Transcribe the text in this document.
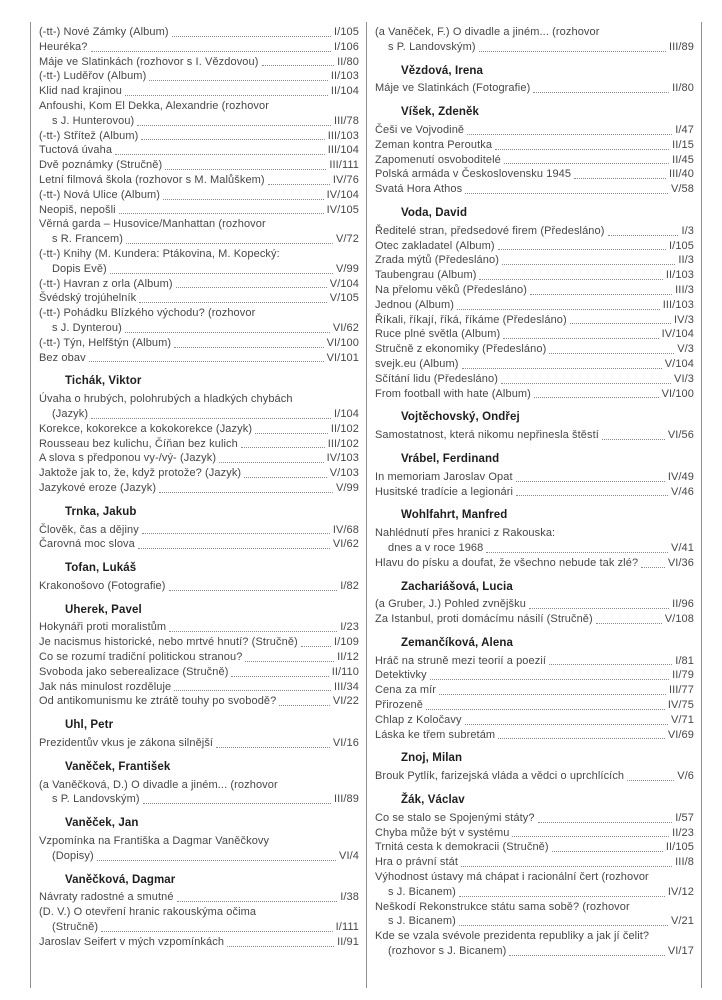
(-tt-) Nové Zámky (Album)	I/105
Heuréka?	I/106
Máje ve Slatinkách (rozhovor s I. Vězdovou)	II/80
(-tt-) Luděřov (Album)	II/103
Klid nad krajinou	II/104
Anfoushi, Kom El Dekka, Alexandrie (rozhovor
s J. Hunterovou)	III/78
(-tt-) Střítež (Album)	III/103
Tuctová úvaha	III/104
Dvě poznámky (Stručně)	III/111
Letní filmová škola (rozhovor s M. Malůškem)	IV/76
(-tt-) Nová Ulice (Album)	IV/104
Neopiš, nepošli	IV/105
Věrná garda – Husovice/Manhattan (rozhovor
s R. Francem)	V/72
(-tt-) Knihy (M. Kundera: Ptákovina, M. Kopecký:
Dopis Evě)	V/99
(-tt-) Havran z orla (Album)	V/104
Švédský trojúhelník	V/105
(-tt-) Pohádku Blízkého východu? (rozhovor
s J. Dynterou)	VI/62
(-tt-) Týn, Helfštýn (Album)	VI/100
Bez obav	VI/101
Tichák, Viktor
Úvaha o hrubých, polohrubých a hladkých chybách
(Jazyk)	I/104
Korekce, kokorekce a kokokorekce (Jazyk)	II/102
Rousseau bez kulichu, Číňan bez kulich	III/102
A slova s předponou vy-/vý- (Jazyk)	IV/103
Jaktože jak to, že, když protože? (Jazyk)	V/103
Jazykové eroze (Jazyk)	V/99
Trnka, Jakub
Člověk, čas a dějiny	IV/68
Čarovná moc slova	VI/62
Tofan, Lukáš
Krakonošovo (Fotografie)	I/82
Uherek, Pavel
Hokynáři proti moralistům	I/23
Je nacismus historické, nebo mrtvé hnutí? (Stručně)	I/109
Co se rozumí tradiční politickou stranou?	II/12
Svoboda jako seberealizace (Stručně)	II/110
Jak nás minulost rozděluje	III/34
Od antikomunismu ke ztrátě touhy po svobodě?	VI/22
Uhl, Petr
Prezidentův vkus je zákona silnější	VI/16
Vaněček, František
(a Vaněčková, D.) O divadle a jiném... (rozhovor
s P. Landovským)	III/89
Vaněček, Jan
Vzpomínka na Františka a Dagmar Vaněčkovy
(Dopisy)	VI/4
Vaněčková, Dagmar
Návraty radostné a smutné	I/38
(D. V.) O otevření hranic rakouskýma očima
(Stručně)	I/111
Jaroslav Seifert v mých vzpomínkách	II/91
(a Vaněček, F.) O divadle a jiném... (rozhovor
s P. Landovským)	III/89
Vězdová, Irena
Máje ve Slatinkách (Fotografie)	II/80
Víšek, Zdeněk
Češi ve Vojvodině	I/47
Zeman kontra Peroutka	II/15
Zapomenutí osvoboditelé	II/45
Polská armáda v Československu 1945	III/40
Svatá Hora Athos	V/58
Voda, David
Ředitelé stran, předsedové firem (Předesláno)	I/3
Otec zakladatel (Album)	I/105
Zrada mýtů (Předesláno)	II/3
Taubengrau (Album)	II/103
Na přelomu věků (Předesláno)	III/3
Jednou (Album)	III/103
Říkali, říkají, říká, říkáme (Předesláno)	IV/3
Ruce plné světla (Album)	IV/104
Stručně z ekonomiky (Předesláno)	V/3
svejk.eu (Album)	V/104
Sčítání lidu (Předesláno)	VI/3
From football with hate (Album)	VI/100
Vojtěchovský, Ondřej
Samostatnost, která nikomu nepřinesla štěstí	VI/56
Vrábel, Ferdinand
In memoriam Jaroslav Opat	IV/49
Husitské tradície a legionári	V/46
Wohlfahrt, Manfred
Nahlédnutí přes hranici z Rakouska:
dnes a v roce 1968	V/41
Hlavu do písku a doufat, že všechno nebude tak zlé?	VI/36
Zachariášová, Lucia
(a Gruber, J.) Pohled zvnějšku	II/96
Za Istanbul, proti domácímu násilí (Stručně)	V/108
Zemančíková, Alena
Hráč na struně mezi teorií a poezií	I/81
Detektivky	II/79
Cena za mír	III/77
Přirozeně	IV/75
Chlap z Koločavy	V/71
Láska ke třem subretám	VI/69
Znoj, Milan
Brouk Pytlík, farizejská vláda a vědci o uprchlících	V/6
Žák, Václav
Co se stalo se Spojenými státy?	I/57
Chyba může být v systému	II/23
Trnitá cesta k demokracii (Stručně)	II/105
Hra o právní stát	III/8
Výhodnost ústavy má chápat i racionální čert (rozhovor
s J. Bicanem)	IV/12
Neškodí Rekonstrukce státu sama sobě? (rozhovor
s J. Bicanem)	V/21
Kde se vzala svévole prezidenta republiky a jak jí čelit?
(rozhovor s J. Bicanem)	VI/17
